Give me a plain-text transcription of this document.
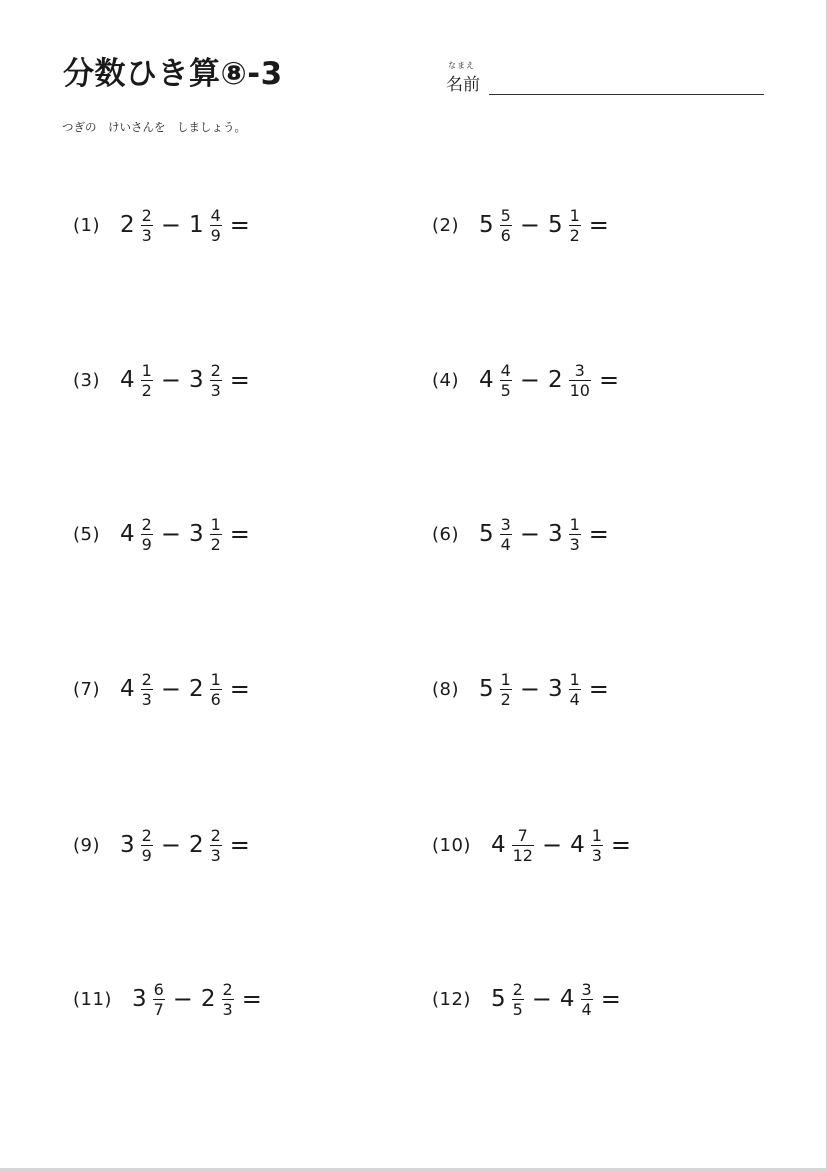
分数ひき算⑧-3	なまえ
名前
つぎの　けいさんを　しましょう。
(1) $2 \frac{2}{3} - 1 \frac{4}{9}$ =	(2) $5 \frac{5}{6} - 5 \frac{1}{2}$ =
(3) $4 \frac{1}{2} - 3 \frac{2}{3}$ =	(4) $4 \frac{4}{5} - 2 \frac{3}{10}$ =
(5) $4 \frac{2}{9} - 3 \frac{1}{2}$ =	(6) $5 \frac{3}{4} - 3 \frac{1}{3}$ =
(7) $4 \frac{2}{3} - 2 \frac{1}{6}$ =	(8) $5 \frac{1}{2} - 3 \frac{1}{4}$ =
(9) $3 \frac{2}{9} - 2 \frac{2}{3}$ =	(10) $4 \frac{7}{12} - 4 \frac{1}{3}$ =
(11) $3 \frac{6}{7} - 2 \frac{2}{3}$ =	(12) $5 \frac{2}{5} - 4 \frac{3}{4}$ =
